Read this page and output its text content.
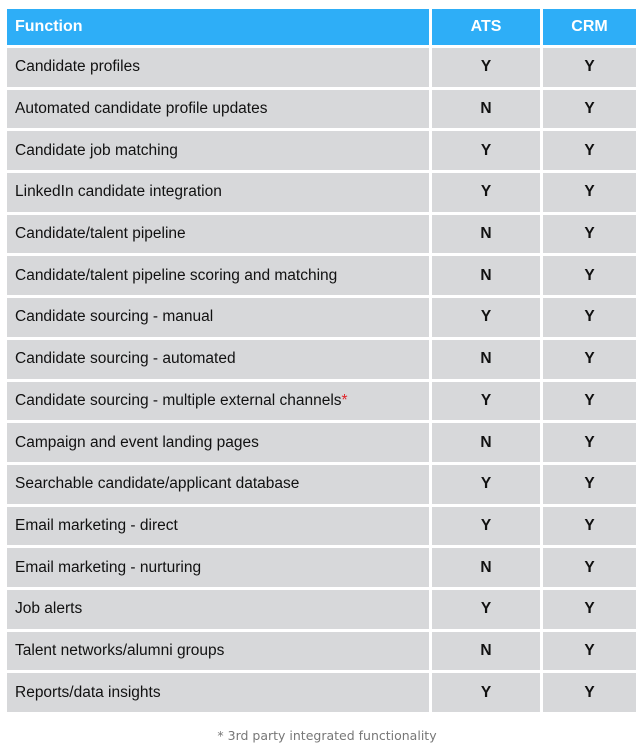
Function	ATS	CRM
Candidate profiles	Y	Y
Automated candidate profile updates	N	Y
Candidate job matching	Y	Y
LinkedIn candidate integration	Y	Y
Candidate/talent pipeline	N	Y
Candidate/talent pipeline scoring and matching	N	Y
Candidate sourcing - manual	Y	Y
Candidate sourcing - automated	N	Y
Candidate sourcing - multiple external channels*	Y	Y
Campaign and event landing pages	N	Y
Searchable candidate/applicant database	Y	Y
Email marketing - direct	Y	Y
Email marketing - nurturing	N	Y
Job alerts	Y	Y
Talent networks/alumni groups	N	Y
Reports/data insights	Y	Y
* 3rd party integrated functionality
